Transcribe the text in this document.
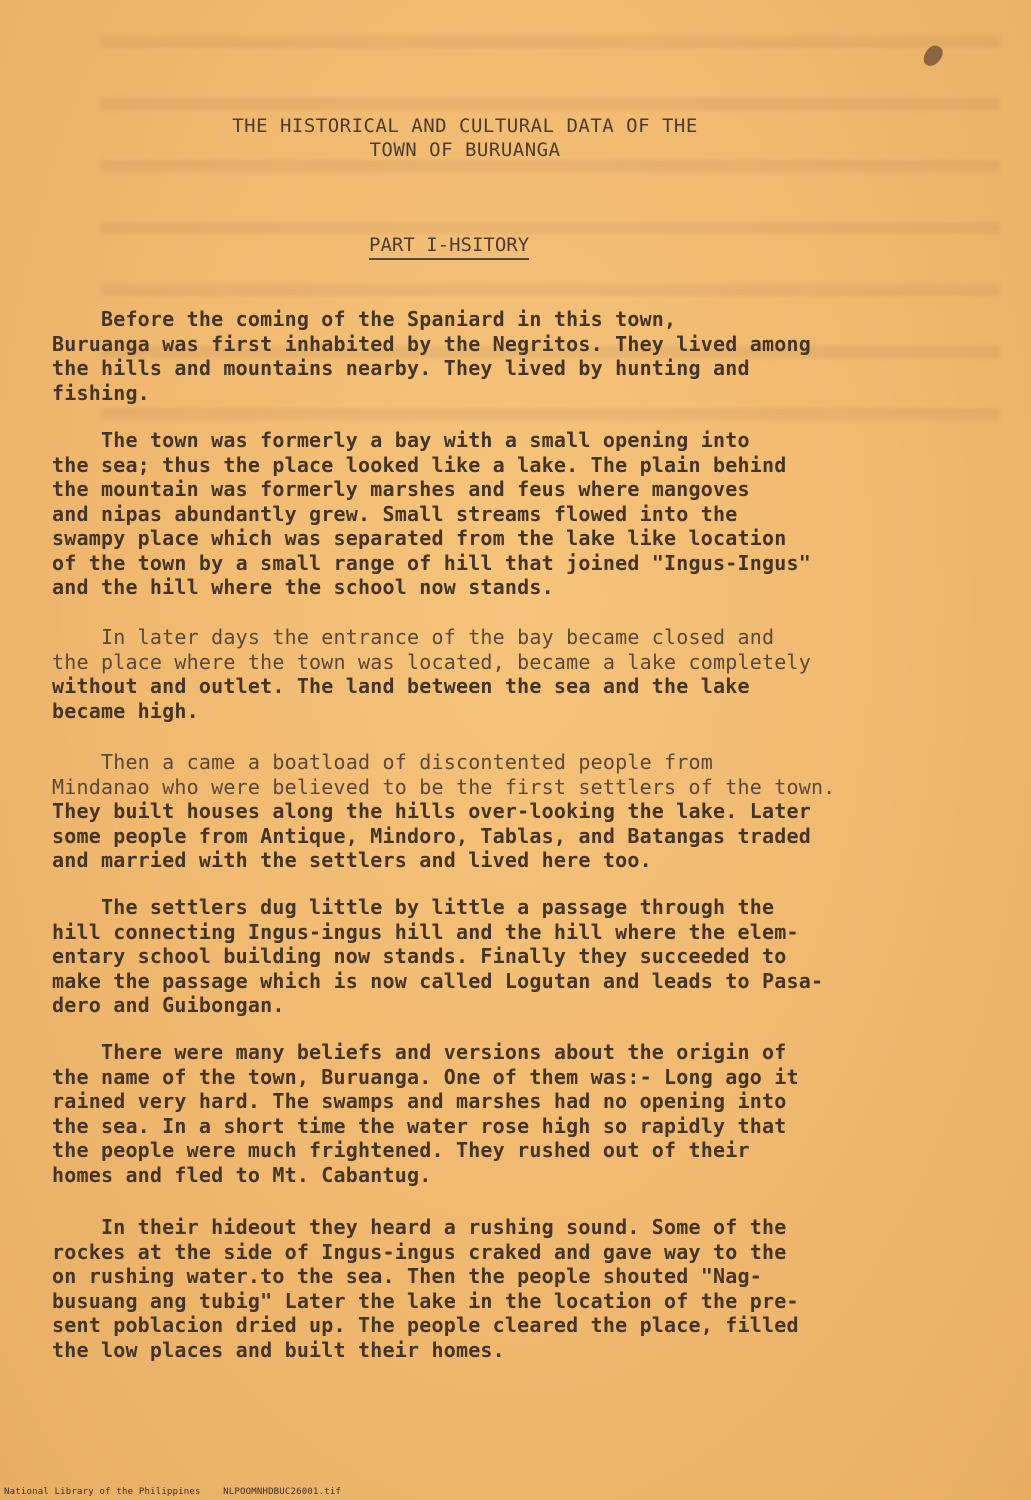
THE HISTORICAL AND CULTURAL DATA OF THE
TOWN OF BURUANGA
PART I-HSITORY
Before the coming of the Spaniard in this town,
Buruanga was first inhabited by the Negritos. They lived among
the hills and mountains nearby. They lived by hunting and
fishing.
The town was formerly a bay with a small opening into
the sea; thus the place looked like a lake. The plain behind
the mountain was formerly marshes and feus where mangoves
and nipas abundantly grew. Small streams flowed into the
swampy place which was separated from the lake like location
of the town by a small range of hill that joined "Ingus-Ingus"
and the hill where the school now stands.
In later days the entrance of the bay became closed and
the place where the town was located, became a lake completely
without and outlet. The land between the sea and the lake
became high.
Then a came a boatload of discontented people from
Mindanao who were believed to be the first settlers of the town.
They built houses along the hills over-looking the lake. Later
some people from Antique, Mindoro, Tablas, and Batangas traded
and married with the settlers and lived here too.
The settlers dug little by little a passage through the
hill connecting Ingus-ingus hill and the hill where the elem-
entary school building now stands. Finally they succeeded to
make the passage which is now called Logutan and leads to Pasa-
dero and Guibongan.
There were many beliefs and versions about the origin of
the name of the town, Buruanga. One of them was:- Long ago it
rained very hard. The swamps and marshes had no opening into
the sea. In a short time the water rose high so rapidly that
the people were much frightened. They rushed out of their
homes and fled to Mt. Cabantug.
In their hideout they heard a rushing sound. Some of the
rockes at the side of Ingus-ingus craked and gave way to the
on rushing water.to the sea. Then the people shouted "Nag-
busuang ang tubig" Later the lake in the location of the pre-
sent poblacion dried up. The people cleared the place, filled
the low places and built their homes.
National Library of the Philippines    NLPOOMNHDBUC26001.tif
